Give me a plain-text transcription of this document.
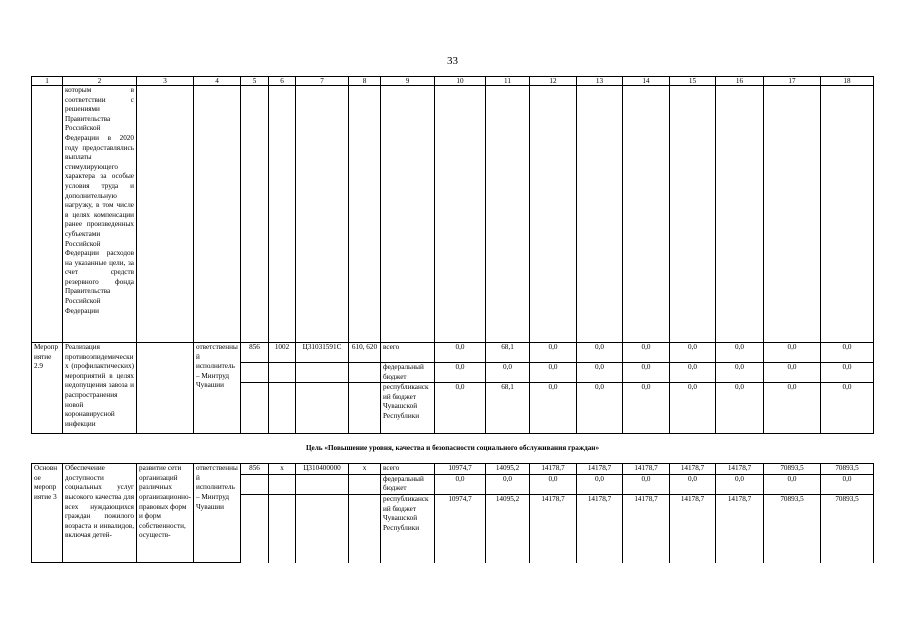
33
1	2	3	4	5	6	7	8	9	10	11	12	13	14	15	16	17	18
	которым в соответствии с решениями Правительства Российской Федерации в 2020 году предоставлялись выплаты стимулирующего характера за особые условия труда и дополнительную нагрузку, в том числе в целях компенсации ранее произведенных субъектами Российской Федерации расходов на указанные цели, за счет средств резервного фонда Правительства Российской Федерации																
Мероприятие 2.9	Реализация противоэпидемических (профилактических) мероприятий в целях недопущения завоза и распространения новой коронавирусной инфекции		ответственный исполнитель – Минтруд Чувашии	856	1002	Ц31031591С	610, 620	всего	0,0	68,1	0,0	0,0	0,0	0,0	0,0	0,0	0,0
								федеральный бюджет	0,0	0,0	0,0	0,0	0,0	0,0	0,0	0,0	0,0
								республиканский бюджет Чувашской Республики	0,0	68,1	0,0	0,0	0,0	0,0	0,0	0,0	0,0
Цель «Повышение уровня, качества и безопасности социального обслуживания граждан»																	
Основное мероприятие 3	Обеспечение доступности социальных услуг высокого качества для всех нуждающихся граждан пожилого возраста и инвалидов, включая детей-	развитие сети организаций различных организационно-правовых форм и форм собственности, осуществ-	ответственный исполнитель – Минтруд Чувашии	856	х	Ц310400000	х	всего	10974,7	14095,2	14178,7	14178,7	14178,7	14178,7	14178,7	70893,5	70893,5
								федеральный бюджет	0,0	0,0	0,0	0,0	0,0	0,0	0,0	0,0	0,0
								республиканский бюджет Чувашской Республики	10974,7	14095,2	14178,7	14178,7	14178,7	14178,7	14178,7	70893,5	70893,5
